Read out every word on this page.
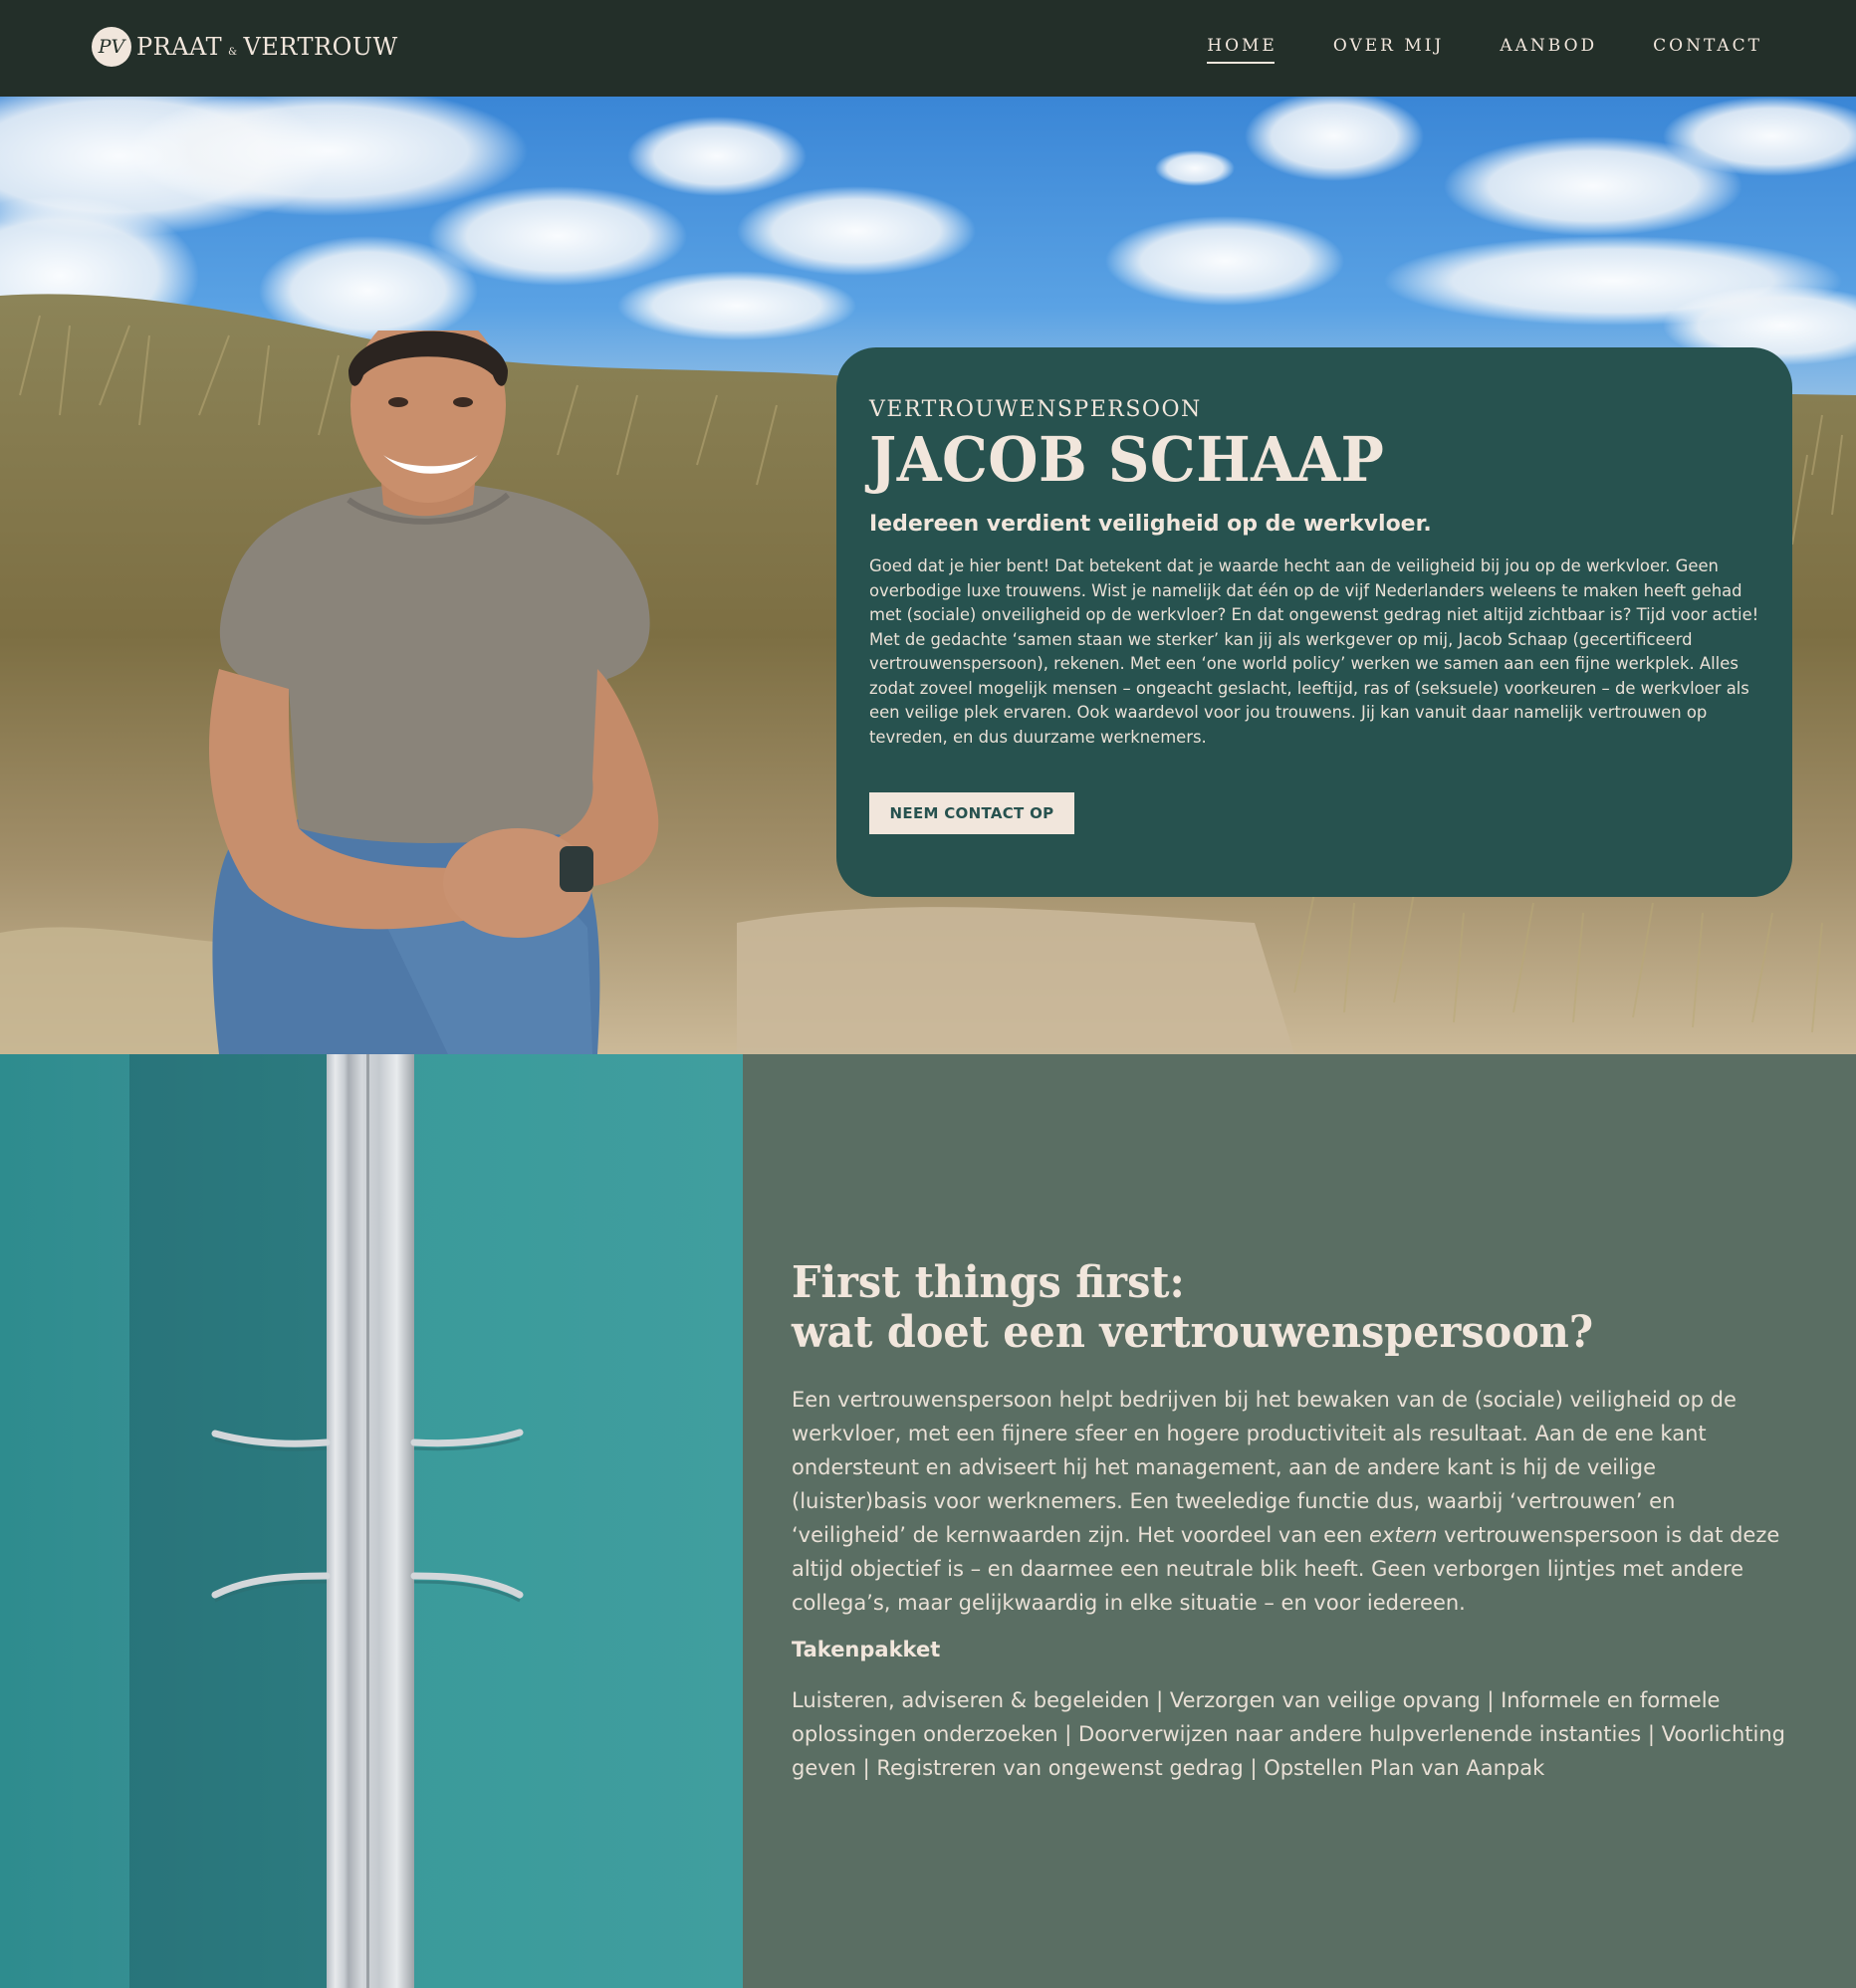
PV PRAAT & VERTROUW	HOME	OVER MIJ	AANBOD	CONTACT
VERTROUWENSPERSOON
JACOB SCHAAP

Iedereen verdient veiligheid op de werkvloer.

Goed dat je hier bent! Dat betekent dat je waarde hecht aan de veiligheid bij jou op de werkvloer. Geen overbodige luxe trouwens. Wist je namelijk dat één op de vijf Nederlanders weleens te maken heeft gehad met (sociale) onveiligheid op de werkvloer? En dat ongewenst gedrag niet altijd zichtbaar is? Tijd voor actie! Met de gedachte ‘samen staan we sterker’ kan jij als werkgever op mij, Jacob Schaap (gecertificeerd vertrouwenspersoon), rekenen. Met een ‘one world policy’ werken we samen aan een fijne werkplek. Alles zodat zoveel mogelijk mensen – ongeacht geslacht, leeftijd, ras of (seksuele) voorkeuren – de werkvloer als een veilige plek ervaren. Ook waardevol voor jou trouwens. Jij kan vanuit daar namelijk vertrouwen op tevreden, en dus duurzame werknemers.

NEEM CONTACT OP
First things first:
wat doet een vertrouwenspersoon?

Een vertrouwenspersoon helpt bedrijven bij het bewaken van de (sociale) veiligheid op de werkvloer, met een fijnere sfeer en hogere productiviteit als resultaat. Aan de ene kant ondersteunt en adviseert hij het management, aan de andere kant is hij de veilige (luister)basis voor werknemers. Een tweeledige functie dus, waarbij ‘vertrouwen’ en ‘veiligheid’ de kernwaarden zijn. Het voordeel van een extern vertrouwenspersoon is dat deze altijd objectief is – en daarmee een neutrale blik heeft. Geen verborgen lijntjes met andere collega’s, maar gelijkwaardig in elke situatie – en voor iedereen.

Takenpakket

Luisteren, adviseren & begeleiden | Verzorgen van veilige opvang | Informele en formele oplossingen onderzoeken | Doorverwijzen naar andere hulpverlenende instanties | Voorlichting geven | Registreren van ongewenst gedrag | Opstellen Plan van Aanpak
